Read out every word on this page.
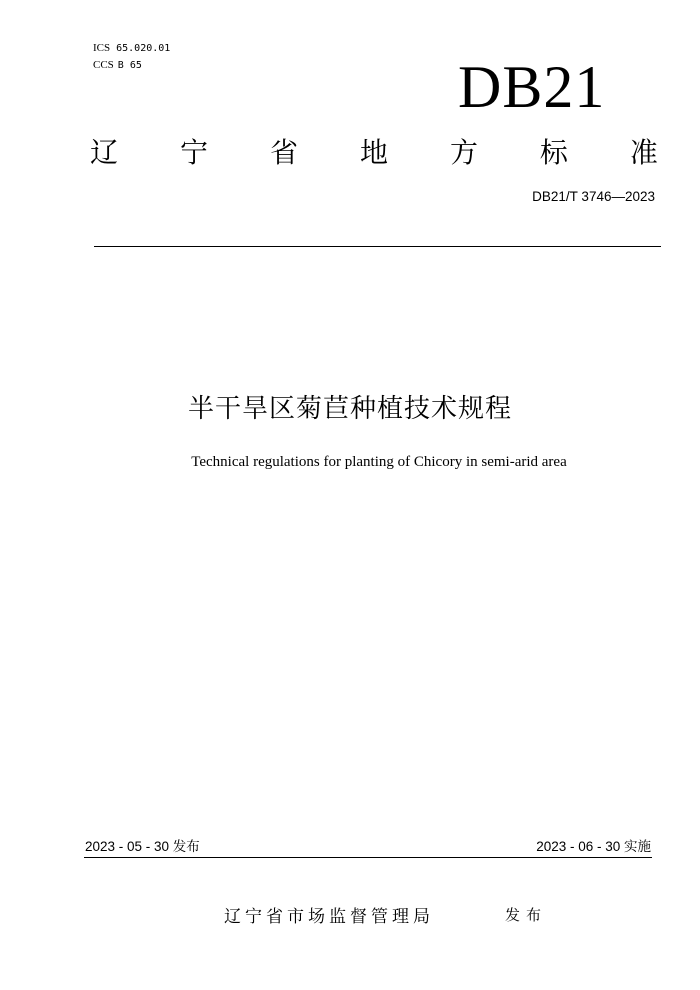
ICS 65.020.01
CCS B 65	DB21
辽 宁 省 地 方 标 准
DB21/T 3746—2023
半干旱区菊苣种植技术规程
Technical regulations for planting of Chicory in semi-arid area
2023 - 05 - 30 发布	2023 - 06 - 30 实施
辽宁省市场监督管理局	发布
